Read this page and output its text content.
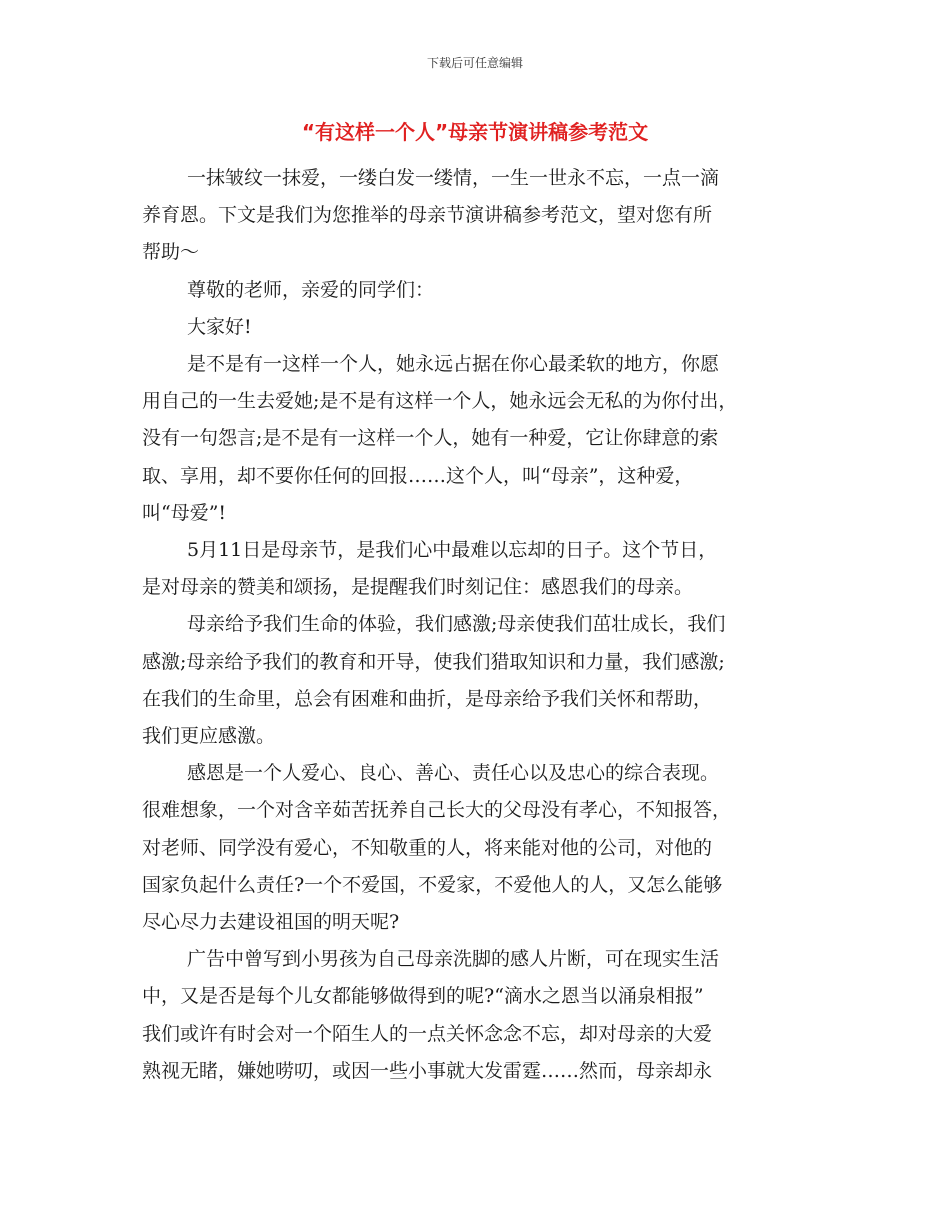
下载后可任意编辑
“有这样一个人”母亲节演讲稿参考范文

一抹皱纹一抹爱，一缕白发一缕情，一生一世永不忘，一点一滴
养育恩。下文是我们为您推举的母亲节演讲稿参考范文，望对您有所
帮助～

尊敬的老师，亲爱的同学们：

大家好!

是不是有一这样一个人，她永远占据在你心最柔软的地方，你愿
用自己的一生去爱她;是不是有这样一个人，她永远会无私的为你付出，
没有一句怨言;是不是有一这样一个人，她有一种爱，它让你肆意的索
取、享用，却不要你任何的回报……这个人，叫“母亲”，这种爱，
叫“母爱”!

5月11日是母亲节，是我们心中最难以忘却的日子。这个节日，
是对母亲的赞美和颂扬，是提醒我们时刻记住：感恩我们的母亲。

母亲给予我们生命的体验，我们感激;母亲使我们茁壮成长，我们
感激;母亲给予我们的教育和开导，使我们猎取知识和力量，我们感激;
在我们的生命里，总会有困难和曲折，是母亲给予我们关怀和帮助，
我们更应感激。

感恩是一个人爱心、良心、善心、责任心以及忠心的综合表现。
很难想象，一个对含辛茹苦抚养自己长大的父母没有孝心，不知报答，
对老师、同学没有爱心，不知敬重的人，将来能对他的公司，对他的
国家负起什么责任?一个不爱国，不爱家，不爱他人的人，又怎么能够
尽心尽力去建设祖国的明天呢?

广告中曾写到小男孩为自己母亲洗脚的感人片断，可在现实生活
中，又是否是每个儿女都能够做得到的呢?“滴水之恩当以涌泉相报”
我们或许有时会对一个陌生人的一点关怀念念不忘，却对母亲的大爱
熟视无睹，嫌她唠叨，或因一些小事就大发雷霆……然而，母亲却永
